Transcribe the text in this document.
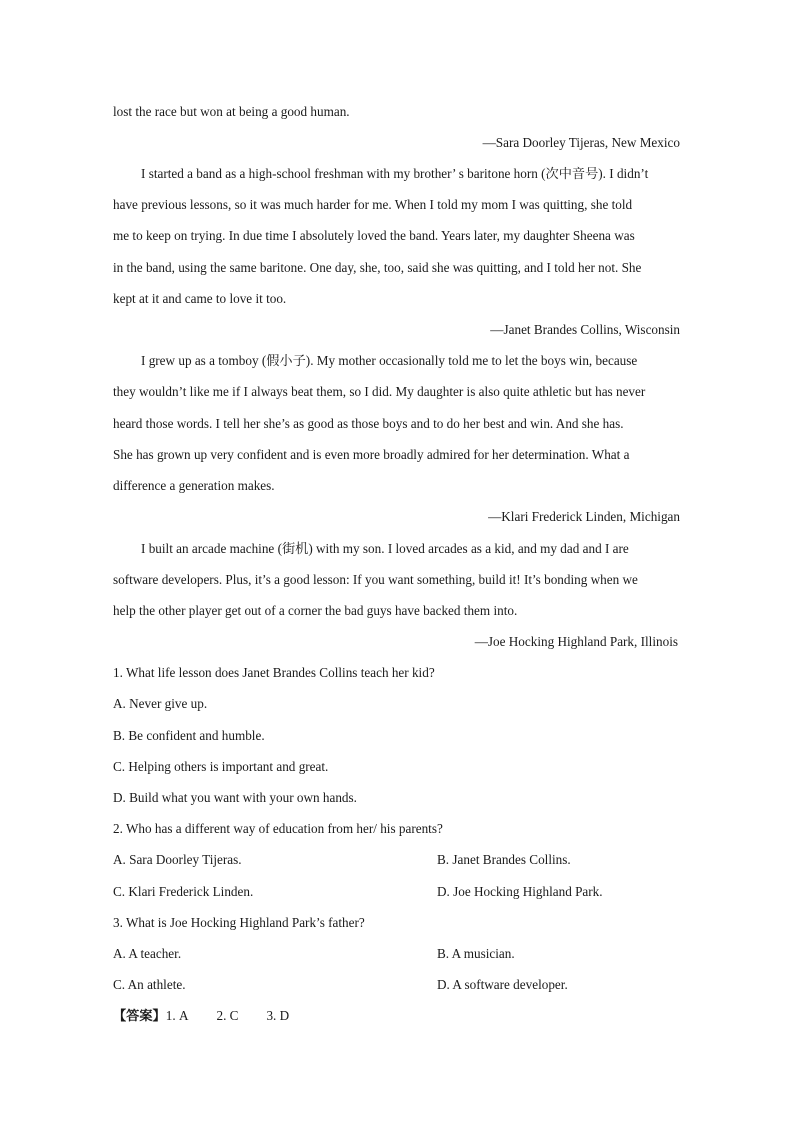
lost the race but won at being a good human.
—Sara Doorley Tijeras, New Mexico
I started a band as a high-school freshman with my brother’ s baritone horn (次中音号). I didn’t
have previous lessons, so it was much harder for me. When I told my mom I was quitting, she told
me to keep on trying. In due time I absolutely loved the band. Years later, my daughter Sheena was
in the band, using the same baritone. One day, she, too, said she was quitting, and I told her not. She
kept at it and came to love it too.
—Janet Brandes Collins, Wisconsin
I grew up as a tomboy (假小子). My mother occasionally told me to let the boys win, because
they wouldn’t like me if I always beat them, so I did. My daughter is also quite athletic but has never
heard those words. I tell her she’s as good as those boys and to do her best and win. And she has.
She has grown up very confident and is even more broadly admired for her determination. What a
difference a generation makes.
—Klari Frederick Linden, Michigan
I built an arcade machine (街机) with my son. I loved arcades as a kid, and my dad and I are
software developers. Plus, it’s a good lesson: If you want something, build it! It’s bonding when we
help the other player get out of a corner the bad guys have backed them into.
—Joe Hocking Highland Park, Illinois
1. What life lesson does Janet Brandes Collins teach her kid?
A. Never give up.
B. Be confident and humble.
C. Helping others is important and great.
D. Build what you want with your own hands.
2. Who has a different way of education from her/ his parents?
A. Sara Doorley Tijeras.	B. Janet Brandes Collins.
C. Klari Frederick Linden.	D. Joe Hocking Highland Park.
3. What is Joe Hocking Highland Park’s father?
A. A teacher.	B. A musician.
C. An athlete.	D. A software developer.
【答案】1. A 2. C 3. D
